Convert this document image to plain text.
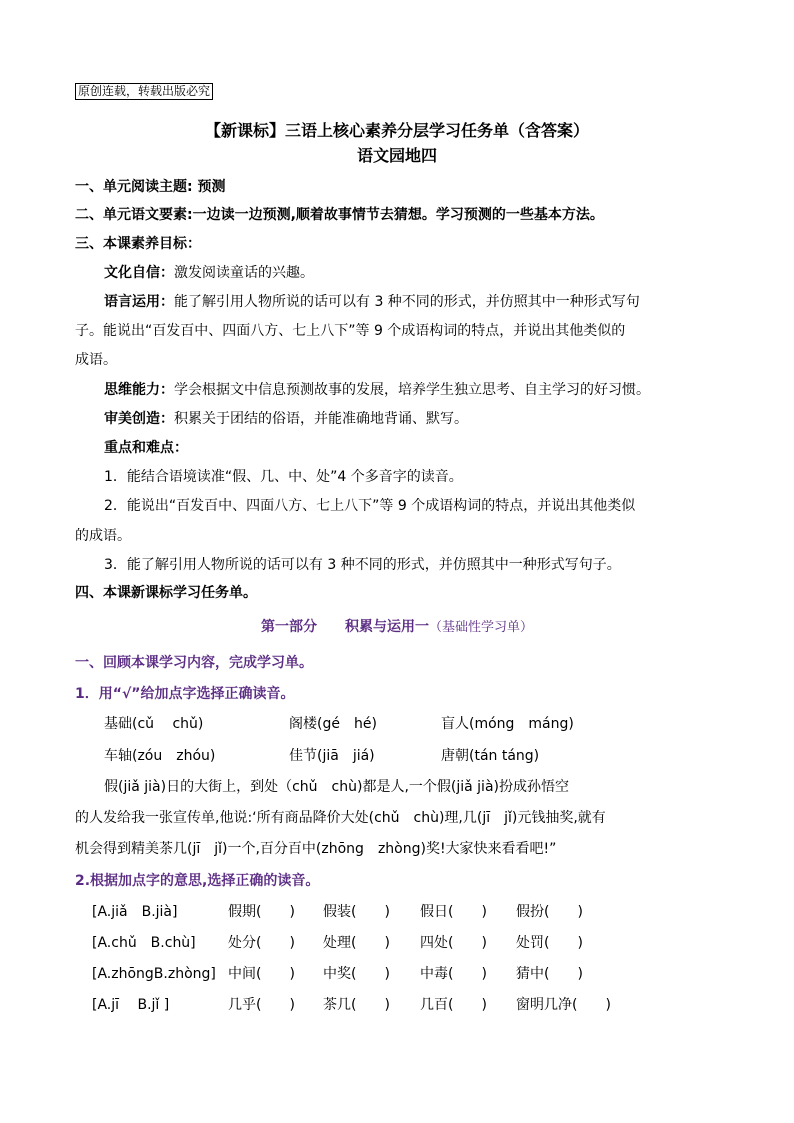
原创连载，转载出版必究
【新课标】三语上核心素养分层学习任务单（含答案）
语文园地四
一、单元阅读主题: 预测
二、单元语文要素:一边读一边预测,顺着故事情节去猜想。学习预测的一些基本方法。
三、本课素养目标：
文化自信：激发阅读童话的兴趣。
语言运用：能了解引用人物所说的话可以有 3 种不同的形式，并仿照其中一种形式写句
子。能说出“百发百中、四面八方、七上八下”等 9 个成语构词的特点，并说出其他类似的
成语。
思维能力：学会根据文中信息预测故事的发展，培养学生独立思考、自主学习的好习惯。
审美创造：积累关于团结的俗语，并能准确地背诵、默写。
重点和难点：
1．能结合语境读准“假、几、中、处”4 个多音字的读音。
2．能说出“百发百中、四面八方、七上八下”等 9 个成语构词的特点，并说出其他类似
的成语。
3．能了解引用人物所说的话可以有 3 种不同的形式，并仿照其中一种形式写句子。
四、本课新课标学习任务单。
第一部分　　积累与运用一（基础性学习单）
一、回顾本课学习内容，完成学习单。
1．用“√”给加点字选择正确读音。
基础(cǔ　 chǔ)	阁楼(gé　hé)	盲人(móng　máng)
车轴(zóu　zhóu)	佳节(jiā　jiá)	唐朝(tán táng)
假(jiǎ jià)日的大街上，到处（chǔ　chù)都是人,一个假(jiǎ jià)扮成孙悟空
的人发给我一张宣传单,他说:‘所有商品降价大处(chǔ　chù)理,几(jī　jǐ)元钱抽奖,就有
机会得到精美茶几(jī　jǐ)一个,百分百中(zhōng　zhòng)奖!大家快来看看吧!”
2.根据加点字的意思,选择正确的读音。
[A.jiǎ　B.jià]	假期(　　) 假装(　　) 假日(　　) 假扮(　　)
[A.chǔ　B.chù] 处分(　　) 处理(　　) 四处(　　) 处罚(　　)
[A.zhōngB.zhòng] 中间(　　) 中奖(　　) 中毒(　　) 猜中(　　)
[A.jī　 B.jǐ ]	几乎(　　) 茶几(　　) 几百(　　) 窗明几净(　　)
